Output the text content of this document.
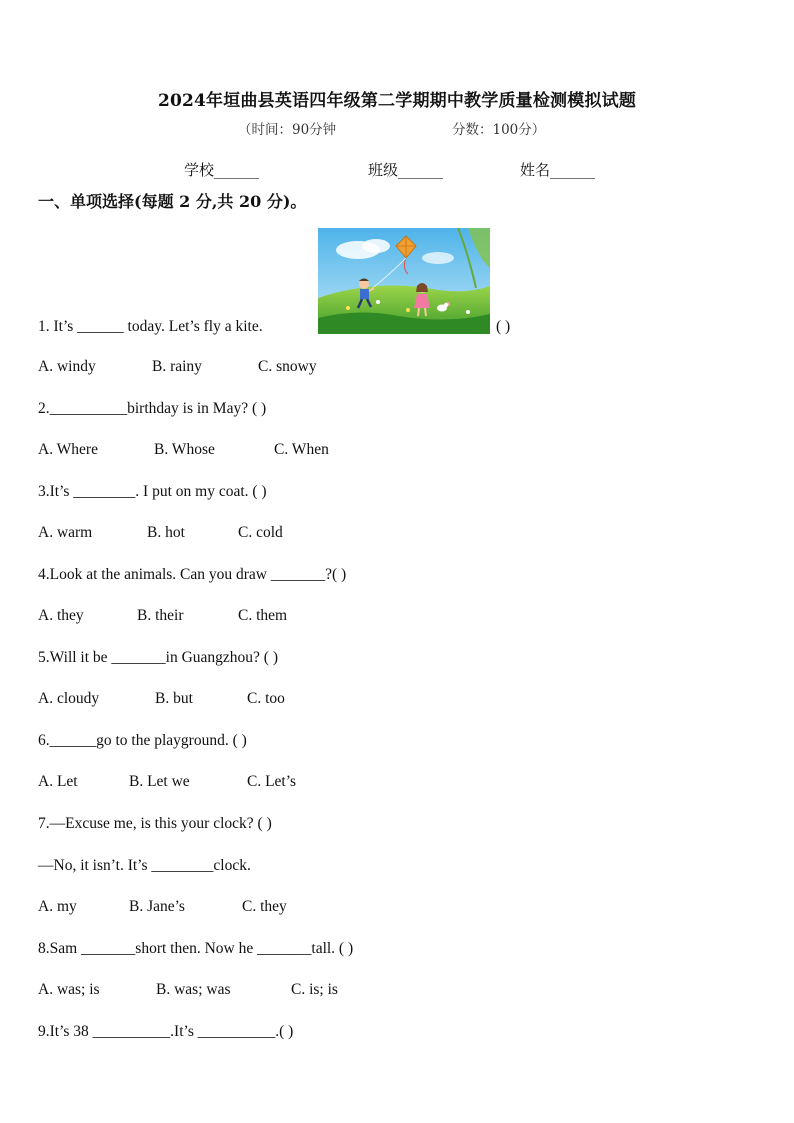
2024年垣曲县英语四年级第二学期期中教学质量检测模拟试题
（时间：90分钟	分数：100分）
学校______	班级______	姓名______
一、单项选择(每题 2 分,共 20 分)。
1. It’s ______ today. Let’s fly a kite.	( )
A. windy	B. rainy	C. snowy
2.__________birthday is in May? ( )
A. Where	B. Whose	C. When
3.It’s ________. I put on my coat. ( )
A. warm	B. hot	C. cold
4.Look at the animals. Can you draw _______?( )
A. they	B. their	C. them
5.Will it be _______in Guangzhou? ( )
A. cloudy	B. but	C. too
6.______go to the playground. ( )
A. Let	B. Let we	C. Let’s
7.—Excuse me, is this your clock? ( )
—No, it isn’t. It’s ________clock.
A. my	B. Jane’s	C. they
8.Sam _______short then. Now he _______tall. ( )
A. was; is	B. was; was	C. is; is
9.It’s 38 __________.It’s __________.( )
